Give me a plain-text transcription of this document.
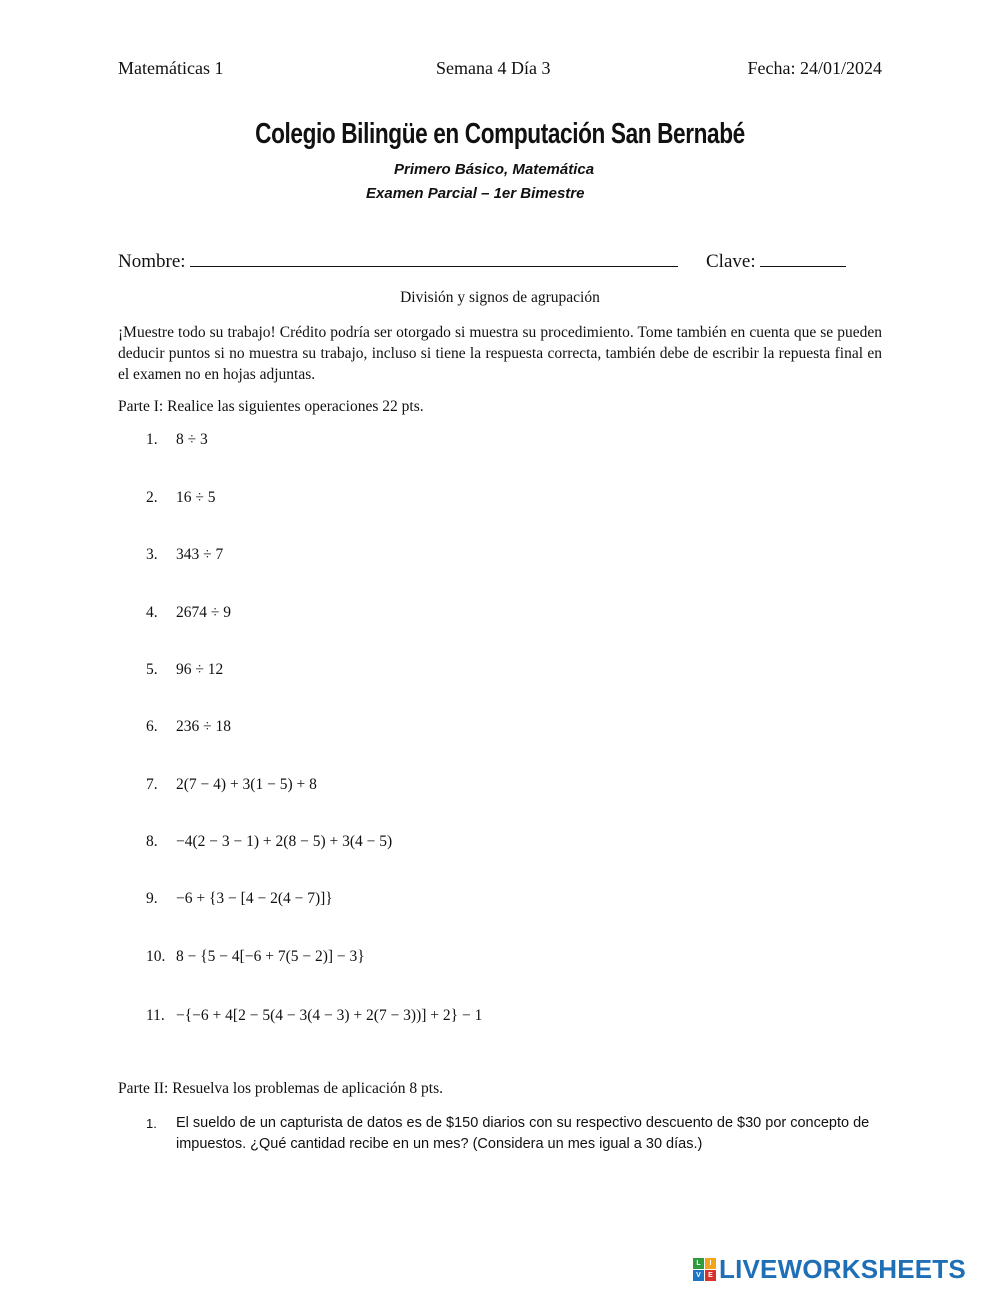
Matemáticas 1	Semana 4 Día 3	Fecha: 24/01/2024
Colegio Bilingüe en Computación San Bernabé
Primero Básico, Matemática
Examen Parcial – 1er Bimestre
Nombre:	Clave:
División y signos de agrupación
¡Muestre todo su trabajo! Crédito podría ser otorgado si muestra su procedimiento. Tome también en cuenta que se pueden deducir puntos si no muestra su trabajo, incluso si tiene la respuesta correcta, también debe de escribir la repuesta final en el examen no en hojas adjuntas.
Parte I: Realice las siguientes operaciones 22 pts.
1. 8 ÷ 3
2. 16 ÷ 5
3. 343 ÷ 7
4. 2674 ÷ 9
5. 96 ÷ 12
6. 236 ÷ 18
7. 2(7 − 4) + 3(1 − 5) + 8
8. −4(2 − 3 − 1) + 2(8 − 5) + 3(4 − 5)
9. −6 + {3 − [4 − 2(4 − 7)]}
10. 8 − {5 − 4[−6 + 7(5 − 2)] − 3}
11. −{−6 + 4[2 − 5(4 − 3(4 − 3) + 2(7 − 3))] + 2} − 1
Parte II: Resuelva los problemas de aplicación 8 pts.
1. El sueldo de un capturista de datos es de $150 diarios con su respectivo descuento de $30 por concepto de impuestos. ¿Qué cantidad recibe en un mes? (Considera un mes igual a 30 días.)
L	I
V	E LIVEWORKSHEETS
